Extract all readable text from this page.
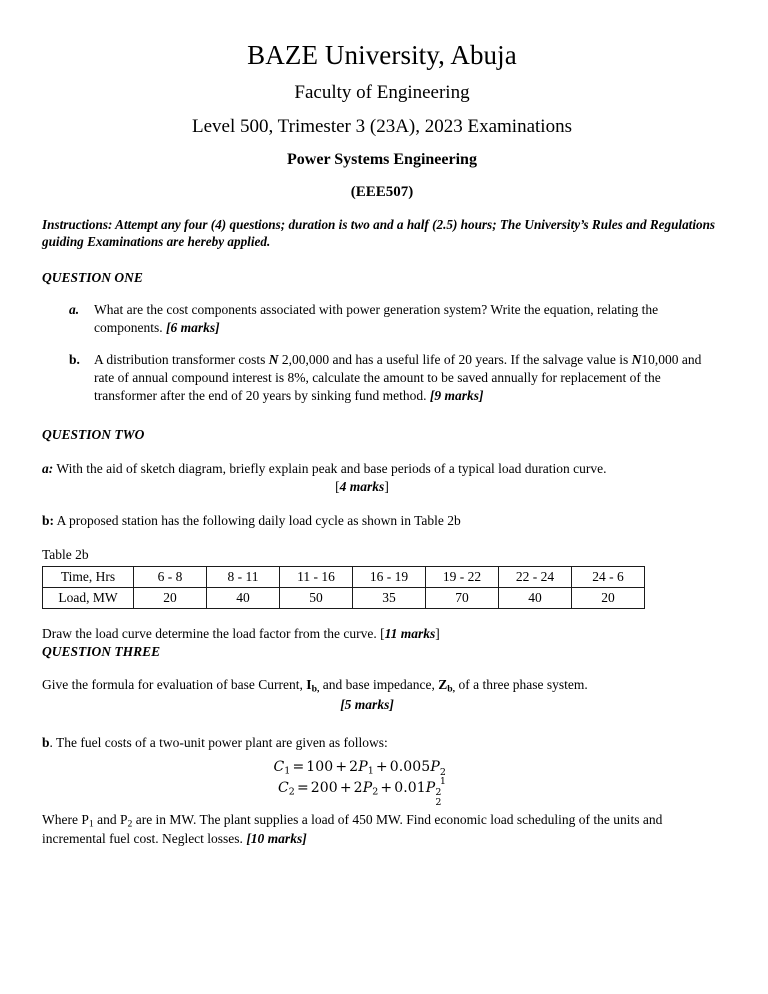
BAZE University, Abuja
Faculty of Engineering
Level 500, Trimester 3 (23A), 2023 Examinations
Power Systems Engineering
(EEE507)
Instructions: Attempt any four (4) questions; duration is two and a half (2.5) hours; The University’s Rules and Regulations guiding Examinations are hereby applied.
QUESTION ONE
a. What are the cost components associated with power generation system? Write the equation, relating the components. [6 marks]
b. A distribution transformer costs N 2,00,000 and has a useful life of 20 years. If the salvage value is N10,000 and rate of annual compound interest is 8%, calculate the amount to be saved annually for replacement of the transformer after the end of 20 years by sinking fund method. [9 marks]
QUESTION TWO
a: With the aid of sketch diagram, briefly explain peak and base periods of a typical load duration curve.
[4 marks]
b: A proposed station has the following daily load cycle as shown in Table 2b
Table 2b
Time, Hrs	6 - 8	8 - 11	11 - 16	16 - 19	19 - 22	22 - 24	24 - 6
Load, MW	20	40	50	35	70	40	20
Draw the load curve determine the load factor from the curve. [11 marks]
QUESTION THREE
Give the formula for evaluation of base Current, $I_{b,}$ and base impedance, $Z_{b,}$ of a three phase system.
[5 marks]
b. The fuel costs of a two-unit power plant are given as follows:
C1 = 100 + 2P1 + 0.005P 2
1
C2 = 200 + 2P2 + 0.01P 2
2
Where $P_1$ and $P_2$ are in MW. The plant supplies a load of 450 MW. Find economic load scheduling of the units and incremental fuel cost. Neglect losses. [10 marks]
